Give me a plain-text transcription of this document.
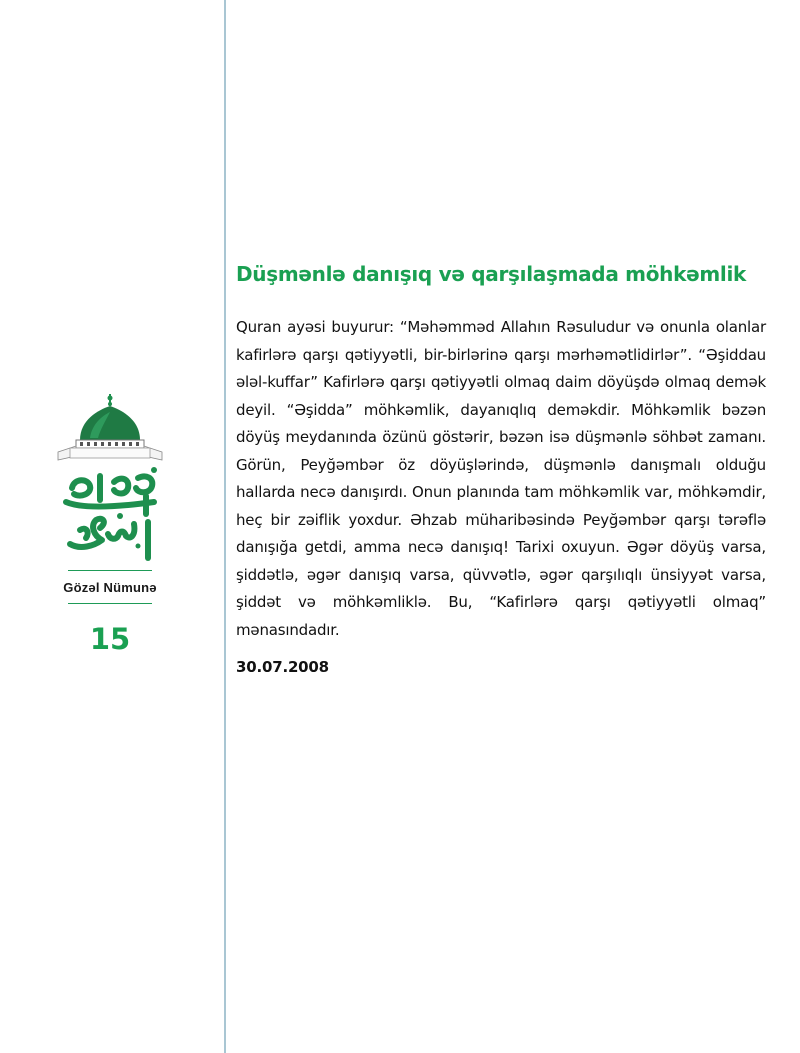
Gözəl Nümunə
15
Düşmənlə danışıq və qarşılaşmada möhkəmlik

Quran ayəsi buyurur: “Məhəmməd Allahın Rəsuludur və onunla olanlar kafirlərə qarşı qətiyyətli, bir-birlərinə qarşı mərhəmətlidirlər”. “Əşiddau ələl-kuffar” Kafirlərə qarşı qətiyyətli olmaq daim döyüşdə olmaq demək deyil. “Əşidda” möhkəmlik, dayanıqlıq deməkdir. Möhkəmlik bəzən döyüş meydanında özünü göstərir, bəzən isə düşmənlə söhbət zamanı. Görün, Peyğəmbər öz döyüşlərində, düşmənlə danışmalı olduğu hallarda necə danışırdı. Onun planında tam möhkəmlik var, möhkəmdir, heç bir zəiflik yoxdur. Əhzab müharibəsində Peyğəmbər qarşı tərəflə danışığa getdi, amma necə danışıq! Tarixi oxuyun. Əgər döyüş varsa, şiddətlə, əgər danışıq varsa, qüvvətlə, əgər qarşılıqlı ünsiyyət varsa, şiddət və möhkəmliklə. Bu, “Kafirlərə qarşı qətiyyətli olmaq” mənasındadır.

30.07.2008
